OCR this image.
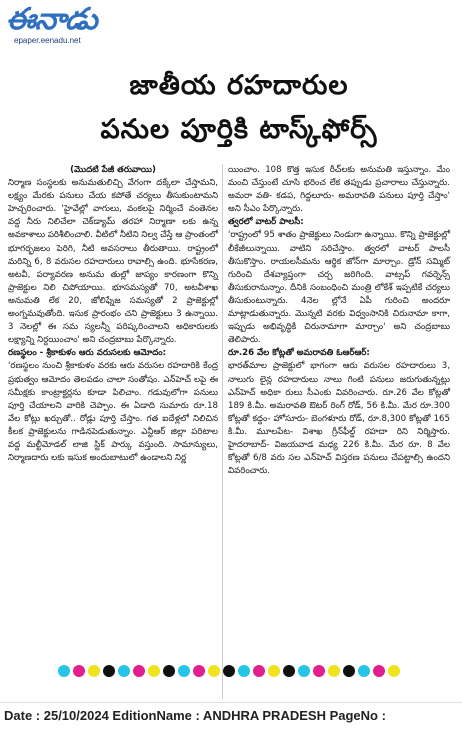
ఈనాడు
epaper.eenadu.net
జాతీయ రహదారుల
పనుల పూర్తికి టాస్క్‌ఫోర్స్

(మొదటి పేజీ తరువాయి)

నిర్మాణ సంస్థలకు అనుమతులిచ్చి వేగంగా దక్కేలా చేస్తామని, లక్ష్యం మేరకు పనులు చేయ కపోతే చర్యలు తీసుకుంటామని హెచ్చరించారు. 'హైవేల్లో వాగులు, వంకలపై నిర్మించే వంతెనల వద్ద నీరు నిలిచేలా చెక్‌డ్యామ్ తరహా నిర్మాణా లకు ఉన్న అవకాశాలు పరిశీలించాలి. వీటిలో నీటిని నిల్వ చేస్తే ఆ ప్రాంతంలో భూగర్భజలం పెరిగి, నీటి అవసరాలు తీరుతాయి. రాష్ట్రంలో మరిన్ని 6, 8 వరుసల రహదారులు రావాల్సి ఉంది. భూసేకరణ, అటవీ, పర్యావరణ అనుమ తుల్లో జాప్యం కారణంగా కొన్ని ప్రాజెక్టుల నిలి చిపోయాయి. భూసమస్యతో 70, అటవీశాఖ అనుమతి లేక 20, జోలిఫ్నేజ సమస్యతో 2 ప్రాజెక్టుల్లో అంగ్నమవుతోంది. ఇసుక ప్రారంభం చని ప్రాజెక్టులు 3 ఉన్నాయి. 3 నెలల్లో ఈ సమ స్యలన్నీ పరిష్కరించాలని అధికారులకు లక్ష్యాన్ని నిర్దయించాం' అని చంద్రబాబు పేర్కొన్నారు.

రణస్థలం - శ్రీకాకుళం ఆరు వరుసలకు ఆమోదం:

'రణస్థలం నుంచి శ్రీకాకుళం వరకు ఆరు వరుసల రహదారికి కేంద్ర ప్రభుత్వం ఆమోదం తెలపడం చాలా సంతోషం. ఎన్‌హెచ్ లపై ఈ సమీక్షకు కాంట్రాక్టర్లను కూడా పిలిచాం. గడువులోగా పనులు పూర్తి చేయాలని వారికి చెప్పాం. ఈ ఏడాది సుమారు రూ.18 వేల కోట్లు ఖర్చుతో.. రోడ్లు పూర్తి చేస్తాం. గత ఐదేళ్లలో నిలిచిన కీలక ప్రాజెక్టులను గాడినపెడుతున్నాం. ఎన్టీఆర్ జిల్లా పరిటాల వద్ద మల్టీమోడల్ లాజి స్టిక్ పార్కు వస్తుంది. సామాన్యులు, నిర్మాణదారు లకు ఇసుక అందుబాటులో ఉండాలని నిర్ణ

యించాం. 108 కొత్త ఇసుక రీచ్‌లకు అనుమతి ఇస్తున్నాం. మేం మంచి చేస్తుంటే చూసి భరించ లేక తప్పుడు ప్రచారాలు చేస్తున్నారు. అమరా వతి- కడప, గిద్దలూరు- అమరావతి పనులు పూర్తి చేస్తాం' అని సీఎం పేర్కొన్నారు.

త్వరలో వాటర్ పాలసీ:

'రాష్ట్రంలో 95 శాతం ప్రాజెక్టులు నిండుగా ఉన్నాయి. కొన్ని ప్రాజెక్టుల్లో లీకేజీలున్నాయి. వాటిని సరిచేస్తాం. త్వరలో వాటర్ పాలసీ తీసుకొస్తాం. రాయలసీమను ఆర్థిక జోన్‌గా మార్చాం. డ్రోన్ సమ్మిట్ గురించి దేశవ్యాప్తంగా చర్చ జరిగింది. వాట్సప్ గవర్నెన్స్ తీసుకురానున్నాం. దీనికి సంబంధించి మంత్రి లోకేశ్ ఇప్పటికే చర్యలు తీసుకుంటున్నారు. 4నెల ల్లోనే ఏపీ గురించి అందరూ మాట్లాడుతున్నారు. మొన్నటి వరకు విధ్వంసానికి చిరునామా కాగా, ఇప్పుడు అభివృద్ధికి చిరునామాగా మార్చాం' అని చంద్రబాబు తెలిపారు.

రూ.26 వేల కోట్లతో అమరావతి ఓఆర్ఆర్:

భారత్‌మాల ప్రాజెక్టులో భాగంగా ఆరు వరుసల రహదారులు 3, నాలుగు లైన్ల రహదారులు నాలు గింటి పనులు జరుగుతున్నట్లు ఎన్‌హెచ్ అధికా రులు సీఎంకు వివరించారు. రూ.26 వేల కోట్లతో 189 కి.మీ. అమరావతి ఔటర్ రింగ్ రోడ్, 56 కి.మీ. మేర రూ.300 కోట్లతో కద్దం- హోసూరు- బెంగళూరు రోడ్, రూ.8,300 కోట్లతో 165 కి.మీ. మూలపేట- విశాఖ గ్రీన్‌ఫీల్డ్ రహదా రిని నిర్మిస్తారు. హైదరాబాద్- విజయవాడ మధ్య 226 కి.మీ. మేర రూ. 8 వేల కోట్లతో 6/8 వరు సల ఎన్‌హెచ్ విస్తరణ పనులు చేపట్టాల్సి ఉందని వివరించారు.

Date : 25/10/2024 EditionName : ANDHRA PRADESH PageNo :
